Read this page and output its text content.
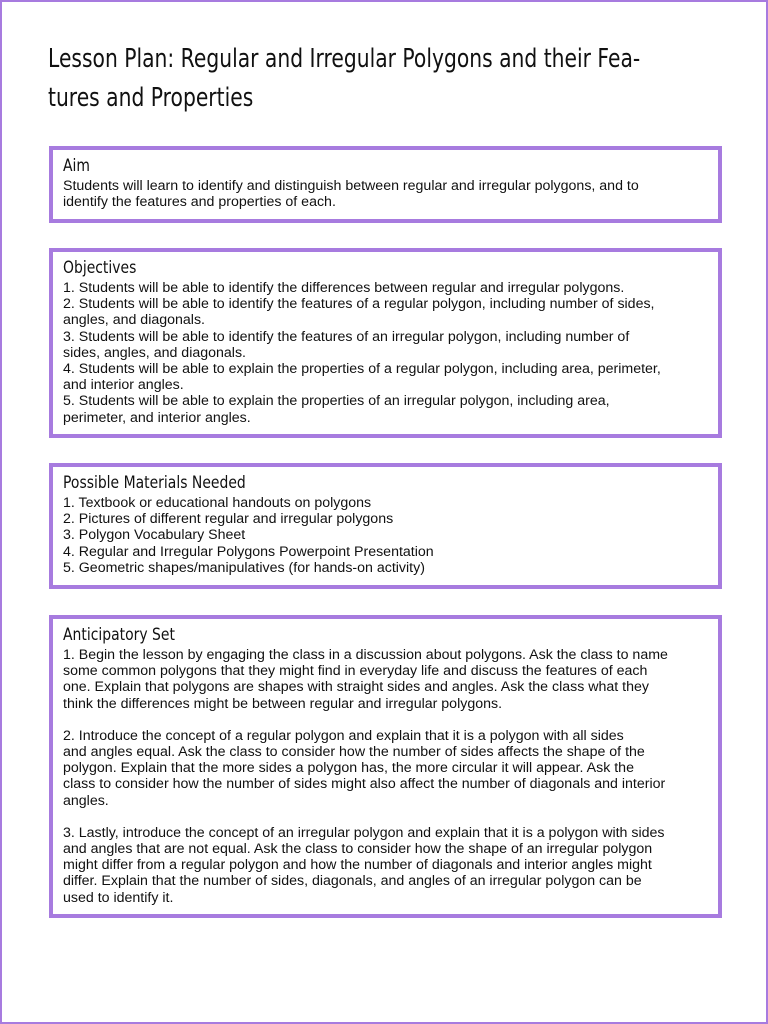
Lesson Plan: Regular and Irregular Polygons and their Fea-
tures and Properties
Aim
Students will learn to identify and distinguish between regular and irregular polygons, and to
identify the features and properties of each.
Objectives
1. Students will be able to identify the differences between regular and irregular polygons.
2. Students will be able to identify the features of a regular polygon, including number of sides,
angles, and diagonals.
3. Students will be able to identify the features of an irregular polygon, including number of
sides, angles, and diagonals.
4. Students will be able to explain the properties of a regular polygon, including area, perimeter,
and interior angles.
5. Students will be able to explain the properties of an irregular polygon, including area,
perimeter, and interior angles.
Possible Materials Needed
1. Textbook or educational handouts on polygons
2. Pictures of different regular and irregular polygons
3. Polygon Vocabulary Sheet
4. Regular and Irregular Polygons Powerpoint Presentation
5. Geometric shapes/manipulatives (for hands-on activity)
Anticipatory Set
1. Begin the lesson by engaging the class in a discussion about polygons. Ask the class to name
some common polygons that they might find in everyday life and discuss the features of each
one. Explain that polygons are shapes with straight sides and angles. Ask the class what they
think the differences might be between regular and irregular polygons.
2. Introduce the concept of a regular polygon and explain that it is a polygon with all sides
and angles equal. Ask the class to consider how the number of sides affects the shape of the
polygon. Explain that the more sides a polygon has, the more circular it will appear. Ask the
class to consider how the number of sides might also affect the number of diagonals and interior
angles.
3. Lastly, introduce the concept of an irregular polygon and explain that it is a polygon with sides
and angles that are not equal. Ask the class to consider how the shape of an irregular polygon
might differ from a regular polygon and how the number of diagonals and interior angles might
differ. Explain that the number of sides, diagonals, and angles of an irregular polygon can be
used to identify it.
